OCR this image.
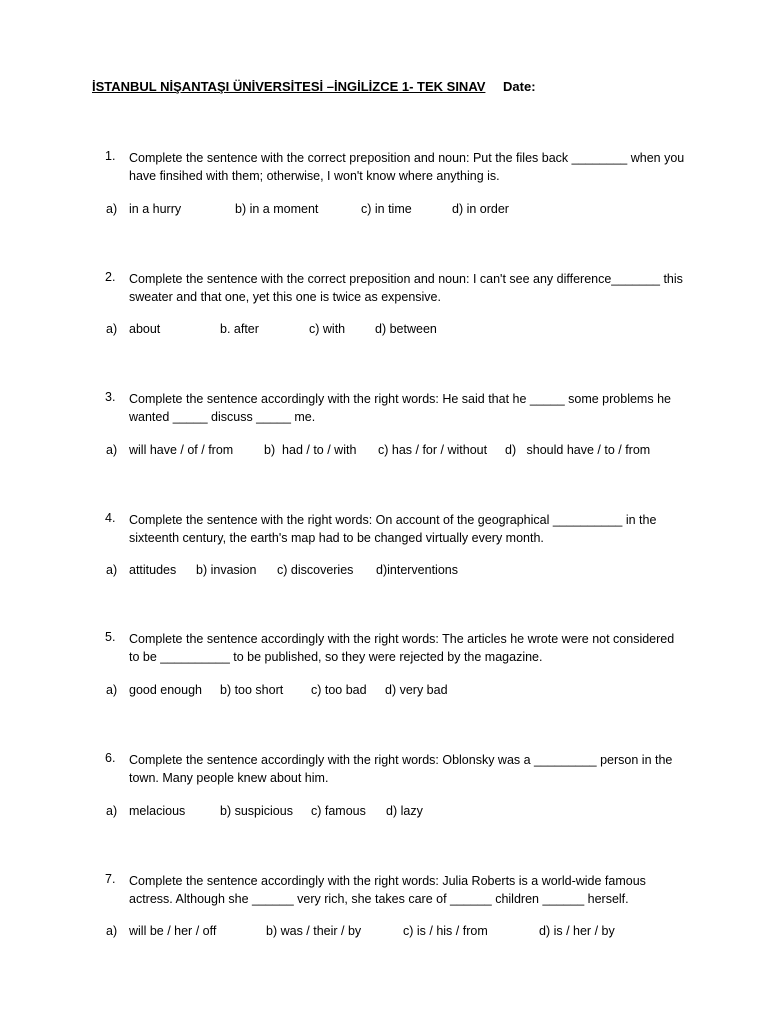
İSTANBUL NİŞANTAŞI ÜNİVERSİTESİ –İNGİLİZCE 1- TEK SINAV Date:
1. Complete the sentence with the correct preposition and noun: Put the files back ________ when you have finsihed with them; otherwise, I won't know where anything is.
a) in a hurry	b) in a moment	c) in time	d) in order
2. Complete the sentence with the correct preposition and noun: I can't see any difference_______ this sweater and that one, yet this one is twice as expensive.
a) about	b. after	c) with d) between
3. Complete the sentence accordingly with the right words: He said that he _____ some problems he wanted _____ discuss _____ me.
a) will have / of / from b)  had / to / with c) has / for / without d)   should have / to / from
4. Complete the sentence with the right words: On account of the geographical __________ in the sixteenth century, the earth's map had to be changed virtually every month.
a) attitudes b) invasion c) discoveries d)interventions
5. Complete the sentence accordingly with the right words: The articles he wrote were not considered to be __________ to be published, so they were rejected by the magazine.
a) good enough b) too short c) too bad d) very bad
6. Complete the sentence accordingly with the right words: Oblonsky was a _________ person in the town. Many people knew about him.
a) melacious	b) suspicious c) famous d) lazy
7. Complete the sentence accordingly with the right words: Julia Roberts is a world-wide famous actress. Although she ______ very rich, she takes care of ______ children ______ herself.
a) will be / her / off	b) was / their / by	c) is / his / from	d) is / her / by
